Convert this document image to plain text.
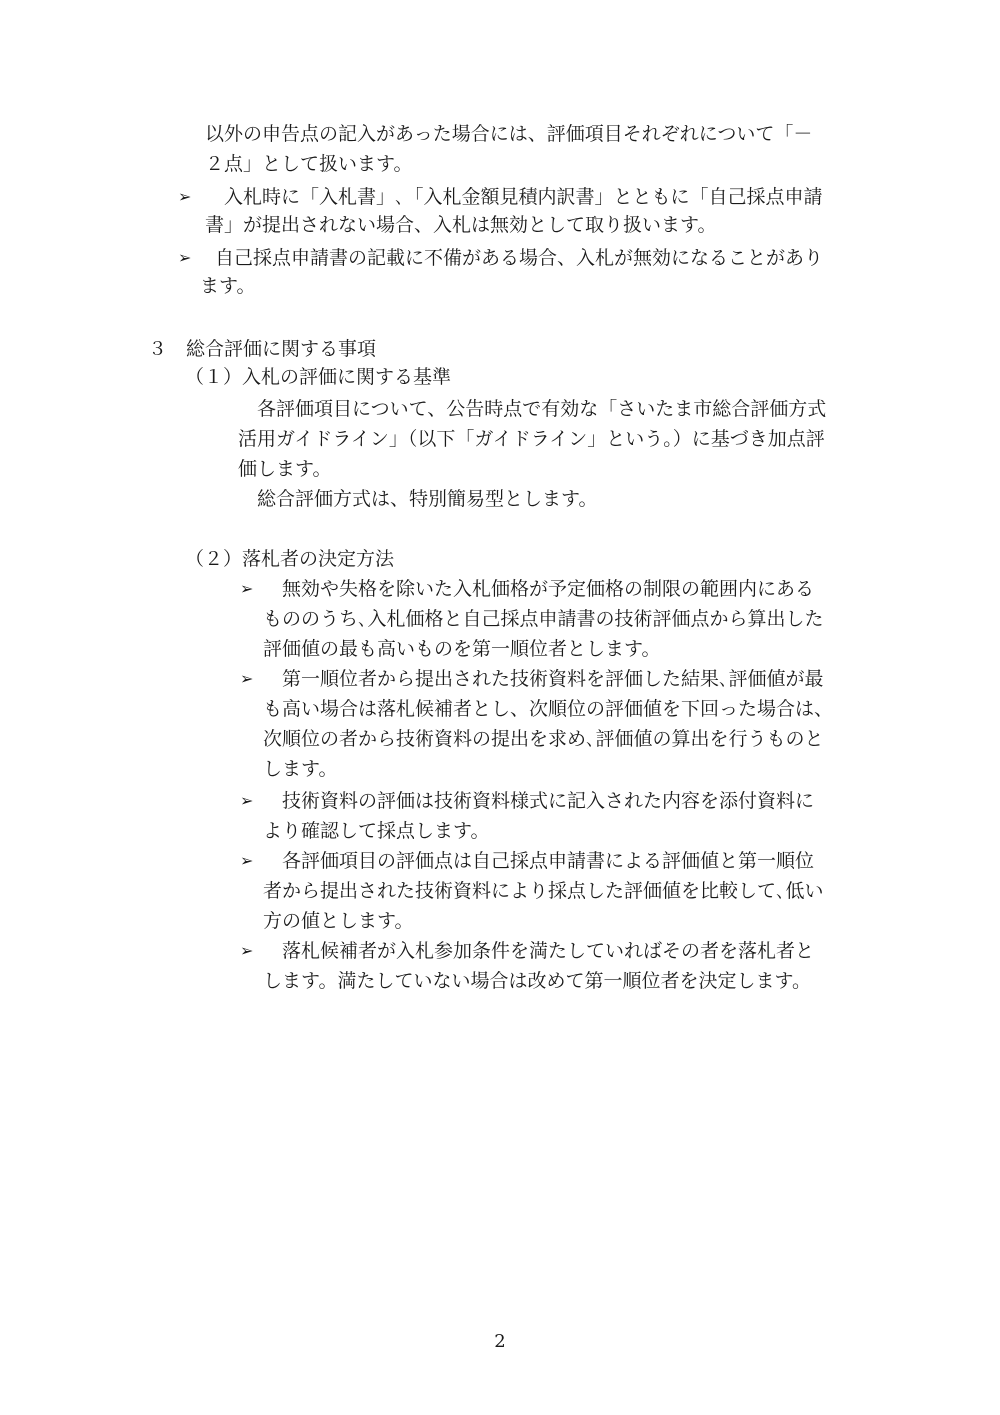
以外の申告点の記入があった場合には、評価項目それぞれについて「－
２点」として扱います。
➢ 　入札時に「入札書」､「入札金額見積内訳書」とともに「自己採点申請
書」が提出されない場合、入札は無効として取り扱います。
➢ 自己採点申請書の記載に不備がある場合、入札が無効になることがあり
ます。
３　総合評価に関する事項
（１）入札の評価に関する基準
　各評価項目について、公告時点で有効な「さいたま市総合評価方式
活用ガイドライン」（以下「ガイドライン」という。）に基づき加点評
価します。
　総合評価方式は、特別簡易型とします。
（２）落札者の決定方法
➢ 　無効や失格を除いた入札価格が予定価格の制限の範囲内にある
もののうち､入札価格と自己採点申請書の技術評価点から算出した
評価値の最も高いものを第一順位者とします。
➢ 　第一順位者から提出された技術資料を評価した結果､評価値が最
も高い場合は落札候補者とし、次順位の評価値を下回った場合は、
次順位の者から技術資料の提出を求め､評価値の算出を行うものと
します。
➢ 　技術資料の評価は技術資料様式に記入された内容を添付資料に
より確認して採点します。
➢ 　各評価項目の評価点は自己採点申請書による評価値と第一順位
者から提出された技術資料により採点した評価値を比較して､低い
方の値とします。
➢ 　落札候補者が入札参加条件を満たしていればその者を落札者と
します。満たしていない場合は改めて第一順位者を決定します。
2
